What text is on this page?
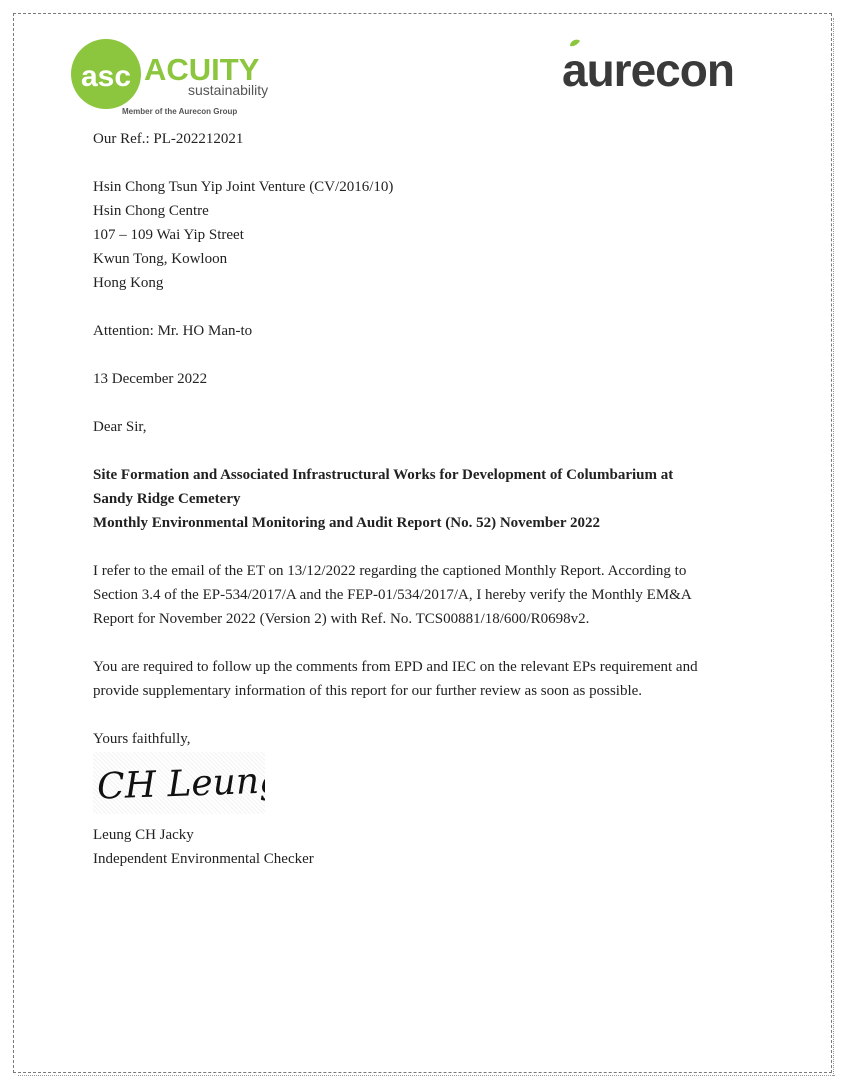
asc ACUITY
sustainability
Member of the Aurecon Group
aurecon
Our Ref.: PL-202212021
Hsin Chong Tsun Yip Joint Venture (CV/2016/10)
Hsin Chong Centre
107 – 109 Wai Yip Street
Kwun Tong, Kowloon
Hong Kong
Attention: Mr. HO Man-to
13 December 2022
Dear Sir,
Site Formation and Associated Infrastructural Works for Development of Columbarium at
Sandy Ridge Cemetery
Monthly Environmental Monitoring and Audit Report (No. 52) November 2022
I refer to the email of the ET on 13/12/2022 regarding the captioned Monthly Report. According to
Section 3.4 of the EP-534/2017/A and the FEP-01/534/2017/A, I hereby verify the Monthly EM&A
Report for November 2022 (Version 2) with Ref. No. TCS00881/18/600/R0698v2.
You are required to follow up the comments from EPD and IEC on the relevant EPs requirement and
provide supplementary information of this report for our further review as soon as possible.
Yours faithfully,
CH Leung
Leung CH Jacky
Independent Environmental Checker
